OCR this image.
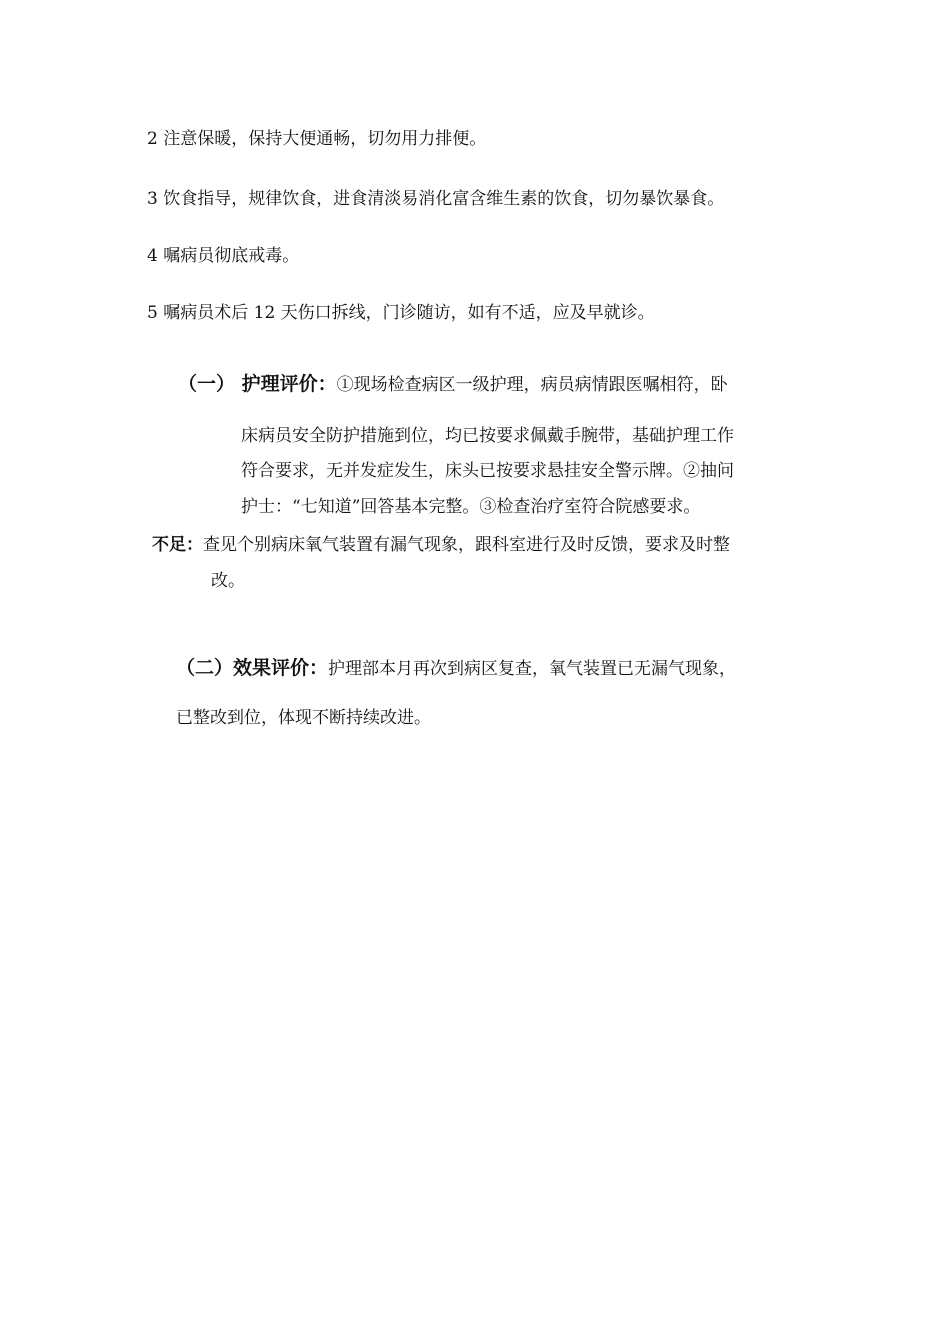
2 注意保暖，保持大便通畅，切勿用力排便。
3 饮食指导，规律饮食，进食清淡易消化富含维生素的饮食，切勿暴饮暴食。
4 嘱病员彻底戒毒。
5 嘱病员术后 12 天伤口拆线，门诊随访，如有不适，应及早就诊。
（一） 护理评价：①现场检查病区一级护理，病员病情跟医嘱相符，卧
床病员安全防护措施到位，均已按要求佩戴手腕带，基础护理工作
符合要求，无并发症发生，床头已按要求悬挂安全警示牌。②抽问
护士：“七知道”回答基本完整。③检查治疗室符合院感要求。
不足：查见个别病床氧气装置有漏气现象，跟科室进行及时反馈，要求及时整
改。
（二）效果评价：护理部本月再次到病区复查，氧气装置已无漏气现象，
已整改到位，体现不断持续改进。
